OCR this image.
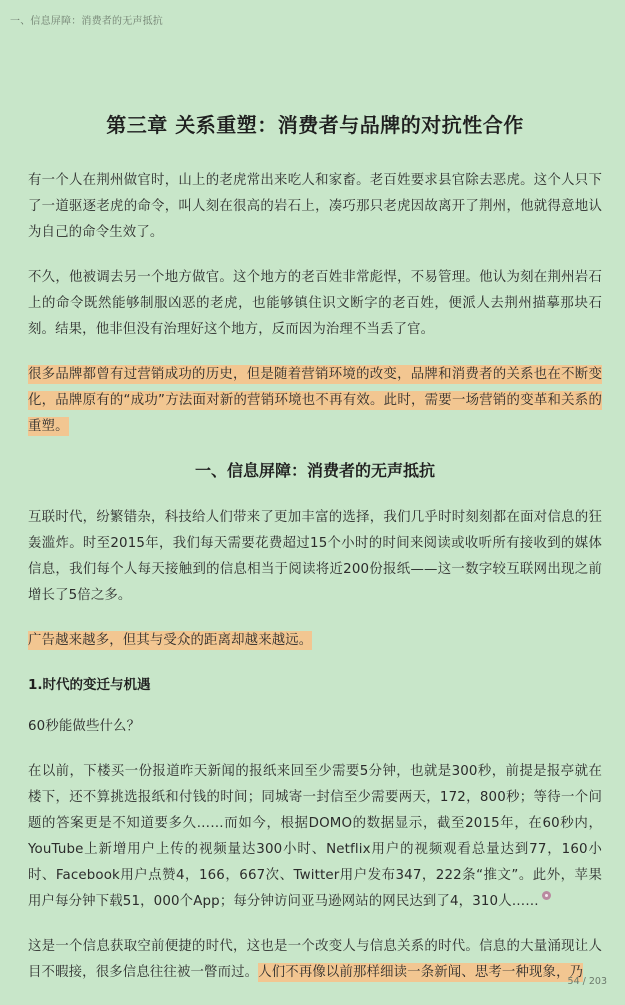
一、信息屏障：消费者的无声抵抗
第三章 关系重塑：消费者与品牌的对抗性合作

有一个人在荆州做官时，山上的老虎常出来吃人和家畜。老百姓要求县官除去恶虎。这个人只下了一道驱逐老虎的命令，叫人刻在很高的岩石上，凑巧那只老虎因故离开了荆州，他就得意地认为自己的命令生效了。

不久，他被调去另一个地方做官。这个地方的老百姓非常彪悍，不易管理。他认为刻在荆州岩石上的命令既然能够制服凶恶的老虎，也能够镇住识文断字的老百姓，便派人去荆州描摹那块石刻。结果，他非但没有治理好这个地方，反而因为治理不当丢了官。

很多品牌都曾有过营销成功的历史，但是随着营销环境的改变，品牌和消费者的关系也在不断变化，品牌原有的“成功”方法面对新的营销环境也不再有效。此时，需要一场营销的变革和关系的重塑。

一、信息屏障：消费者的无声抵抗

互联时代，纷繁错杂，科技给人们带来了更加丰富的选择，我们几乎时时刻刻都在面对信息的狂轰滥炸。时至2015年，我们每天需要花费超过15个小时的时间来阅读或收听所有接收到的媒体信息，我们每个人每天接触到的信息相当于阅读将近200份报纸——这一数字较互联网出现之前增长了5倍之多。

广告越来越多，但其与受众的距离却越来越远。

1.时代的变迁与机遇

60秒能做些什么？

在以前，下楼买一份报道昨天新闻的报纸来回至少需要5分钟，也就是300秒，前提是报亭就在楼下，还不算挑选报纸和付钱的时间；同城寄一封信至少需要两天，172，800秒；等待一个问题的答案更是不知道要多久……而如今，根据DOMO的数据显示，截至2015年，在60秒内，YouTube上新增用户上传的视频量达300小时、Netflix用户的视频观看总量达到77，160小时、Facebook用户点赞4，166，667次、Twitter用户发布347，222条“推文”。此外，苹果用户每分钟下载51，000个App；每分钟访问亚马逊网站的网民达到了4，310人……

这是一个信息获取空前便捷的时代，这也是一个改变人与信息关系的时代。信息的大量涌现让人目不暇接，很多信息往往被一瞥而过。人们不再像以前那样细读一条新闻、思考一种现象，乃

54 / 203
